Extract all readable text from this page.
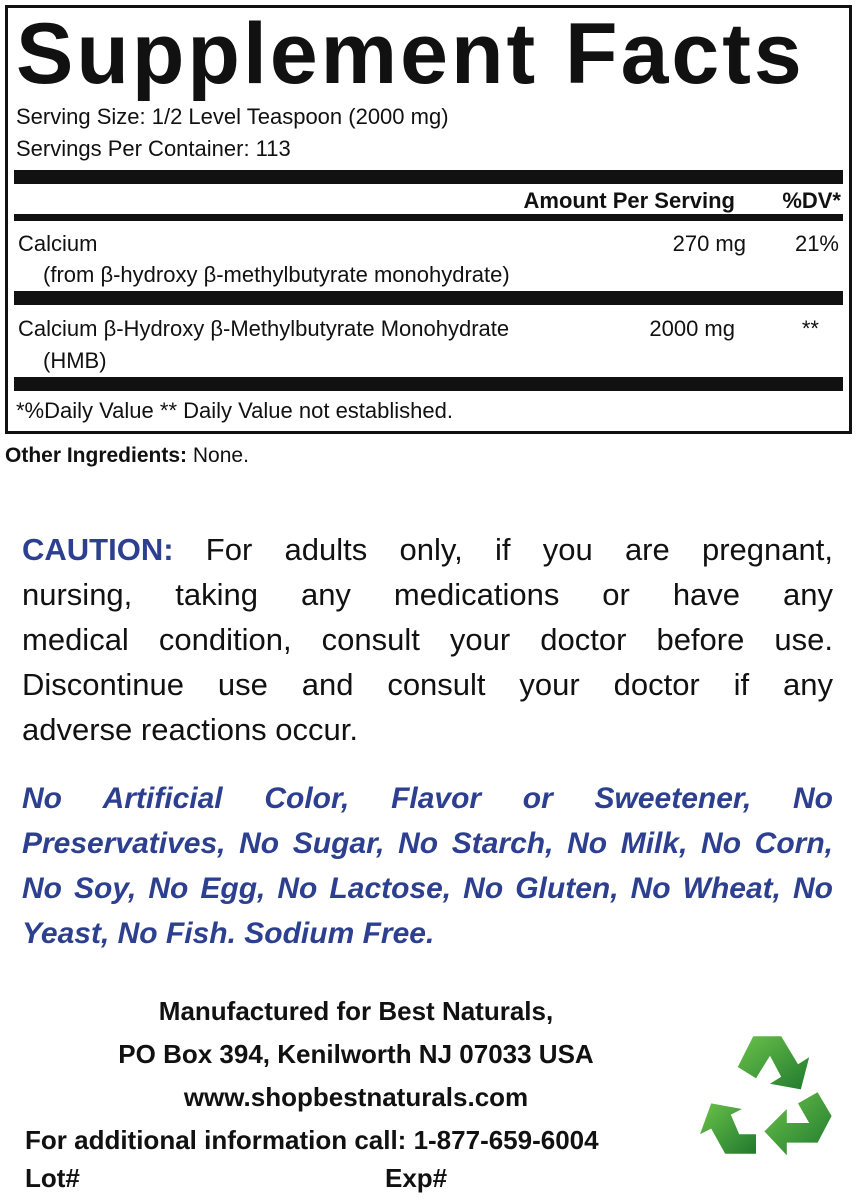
Supplement Facts
Serving Size: 1/2 Level Teaspoon (2000 mg)
Servings Per Container: 113
Amount Per Serving %DV*
Calcium
(from β-hydroxy β-methylbutyrate monohydrate)
270 mg 21%
Calcium β-Hydroxy β-Methylbutyrate Monohydrate
(HMB)
2000 mg	**
*%Daily Value ** Daily Value not established.
Other Ingredients: None.
CAUTION: For adults only, if you are pregnant,
nursing, taking any medications or have any
medical condition, consult your doctor before use.
Discontinue use and consult your doctor if any
adverse reactions occur.
No Artificial Color, Flavor or Sweetener, No
Preservatives, No Sugar, No Starch, No Milk, No Corn,
No Soy, No Egg, No Lactose, No Gluten, No Wheat, No
Yeast, No Fish. Sodium Free.
Manufactured for Best Naturals,
PO Box 394, Kenilworth NJ 07033 USA
www.shopbestnaturals.com
For additional information call: 1-877-659-6004
Lot#	Exp#
